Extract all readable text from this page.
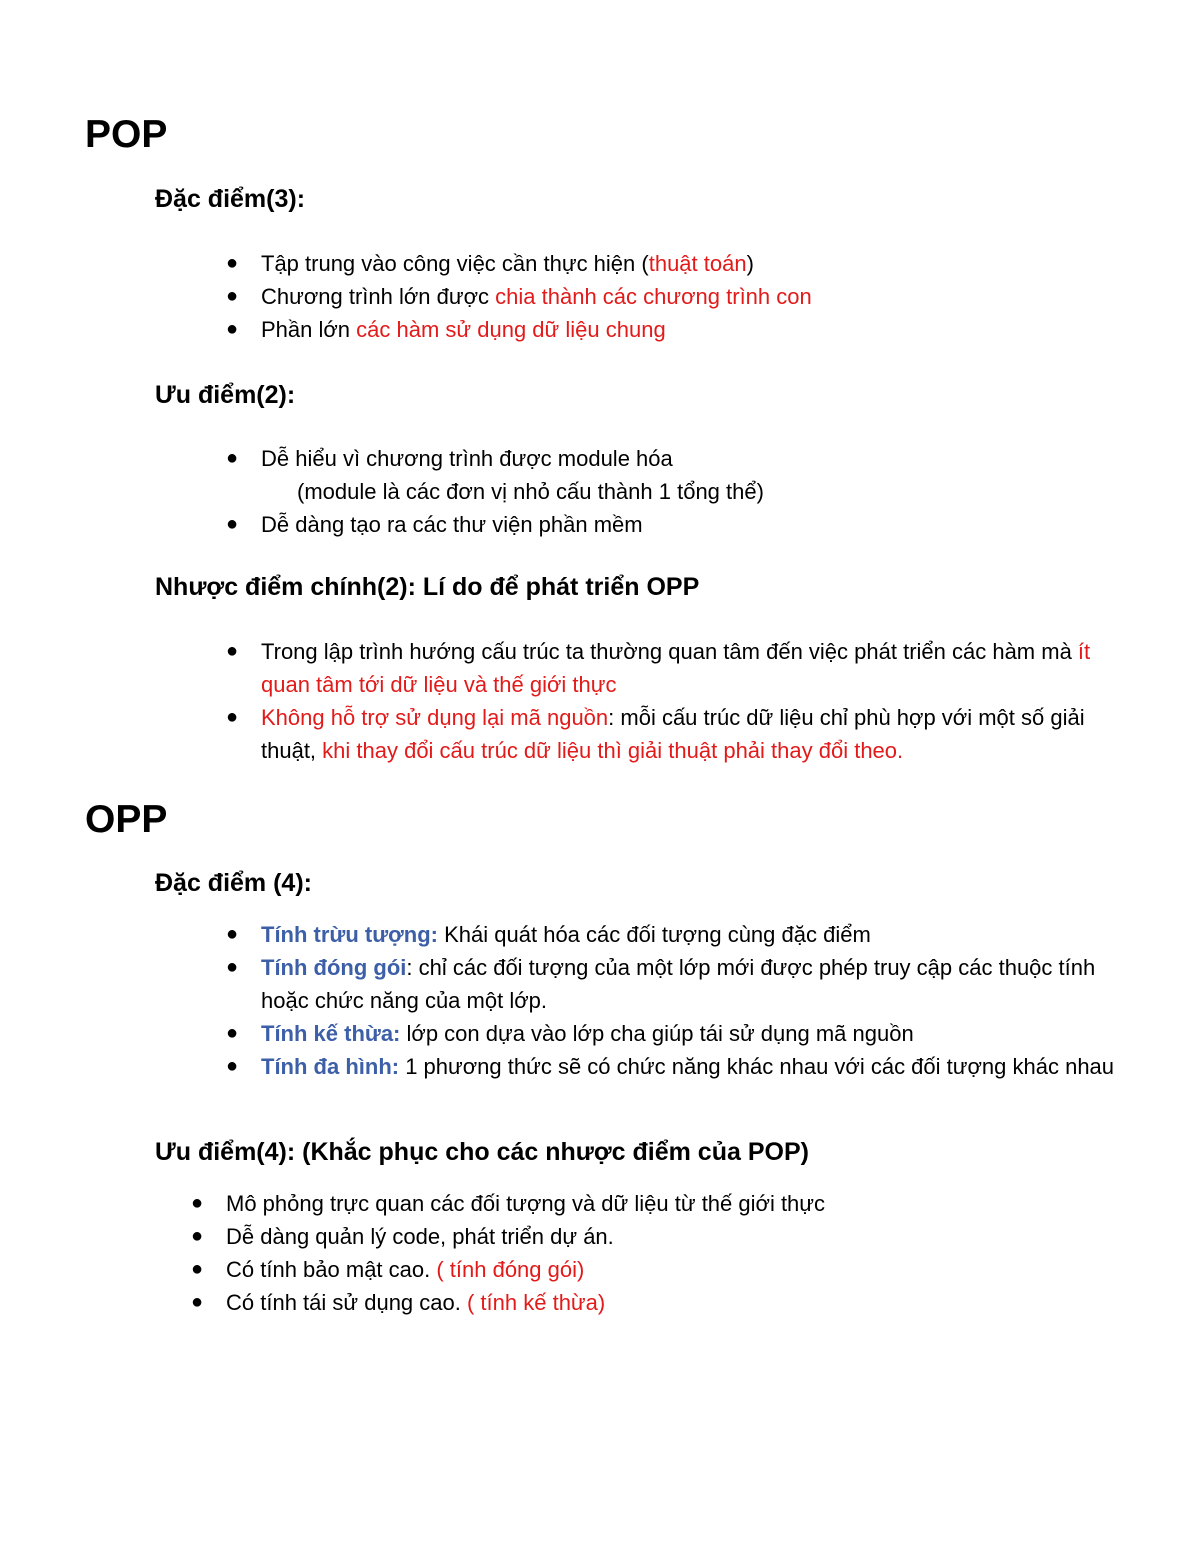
POP
Đặc điểm(3):
● Tập trung vào công việc cần thực hiện (thuật toán)
● Chương trình lớn được chia thành các chương trình con
● Phần lớn các hàm sử dụng dữ liệu chung
Ưu điểm(2):
● Dễ hiểu vì chương trình được module hóa
(module là các đơn vị nhỏ cấu thành 1 tổng thể)
● Dễ dàng tạo ra các thư viện phần mềm
Nhược điểm chính(2): Lí do để phát triển OPP
● Trong lập trình hướng cấu trúc ta thường quan tâm đến việc phát triển các hàm mà ít quan tâm tới dữ liệu và thế giới thực
● Không hỗ trợ sử dụng lại mã nguồn: mỗi cấu trúc dữ liệu chỉ phù hợp với một số giải thuật, khi thay đổi cấu trúc dữ liệu thì giải thuật phải thay đổi theo.
OPP
Đặc điểm (4):
● Tính trừu tượng: Khái quát hóa các đối tượng cùng đặc điểm
● Tính đóng gói: chỉ các đối tượng của một lớp mới được phép truy cập các thuộc tính hoặc chức năng của một lớp.
● Tính kế thừa: lớp con dựa vào lớp cha giúp tái sử dụng mã nguồn
● Tính đa hình: 1 phương thức sẽ có chức năng khác nhau với các đối tượng khác nhau
Ưu điểm(4): (Khắc phục cho các nhược điểm của POP)
● Mô phỏng trực quan các đối tượng và dữ liệu từ thế giới thực
● Dễ dàng quản lý code, phát triển dự án.
● Có tính bảo mật cao. ( tính đóng gói)
● Có tính tái sử dụng cao. ( tính kế thừa)
